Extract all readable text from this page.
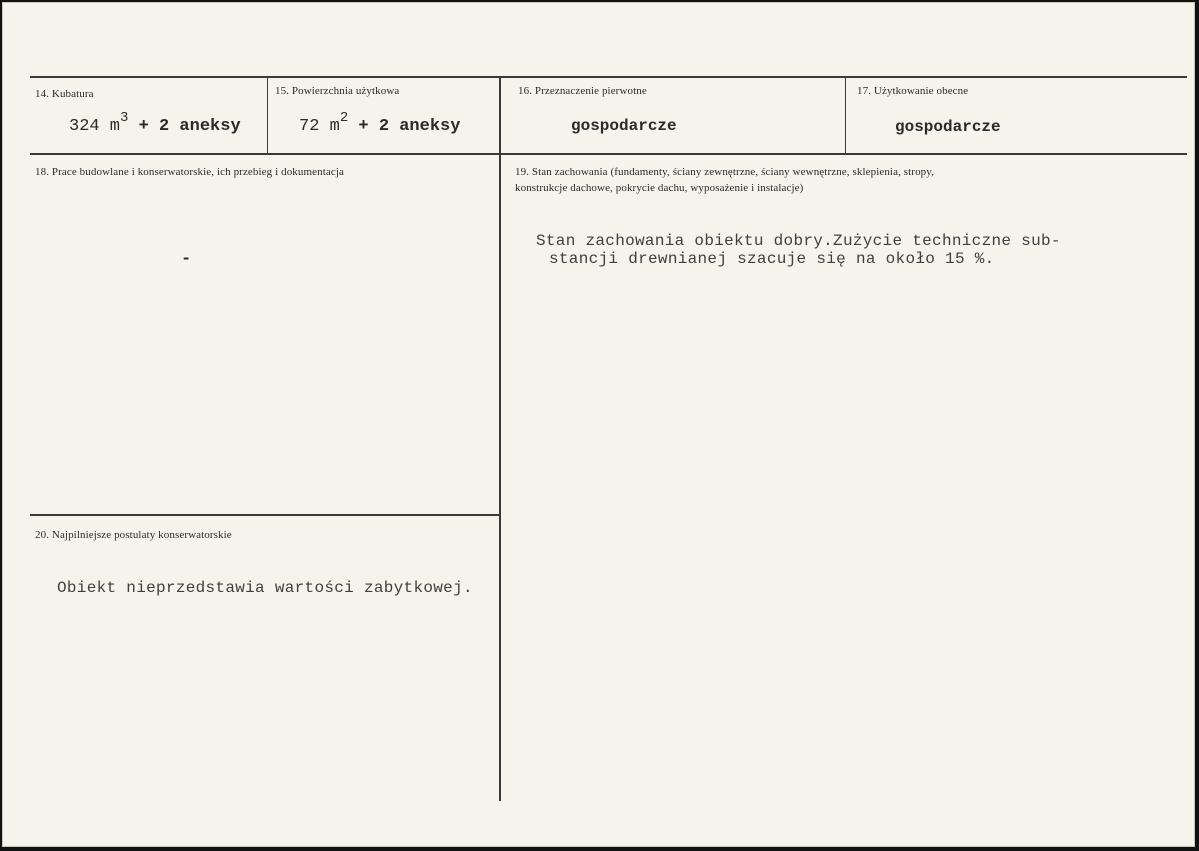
14. Kubatura
324 $m^3 + 2$ aneksy
15. Powierzchnia użytkowa
72 $m^2 + 2$ aneksy
16. Przeznaczenie pierwotne
gospodarcze
17. Użytkowanie obecne
gospodarcze
18. Prace budowlane i konserwatorskie, ich przebieg i dokumentacja
-
19. Stan zachowania (fundamenty, ściany zewnętrzne, ściany wewnętrzne, sklepienia, stropy,
konstrukcje dachowe, pokrycie dachu, wyposażenie i instalacje)
Stan zachowania obiektu dobry.Zużycie techniczne sub-
stancji drewnianej szacuje się na około 15 %.
20. Najpilniejsze postulaty konserwatorskie
Obiekt nieprzedstawia wartości zabytkowej.
